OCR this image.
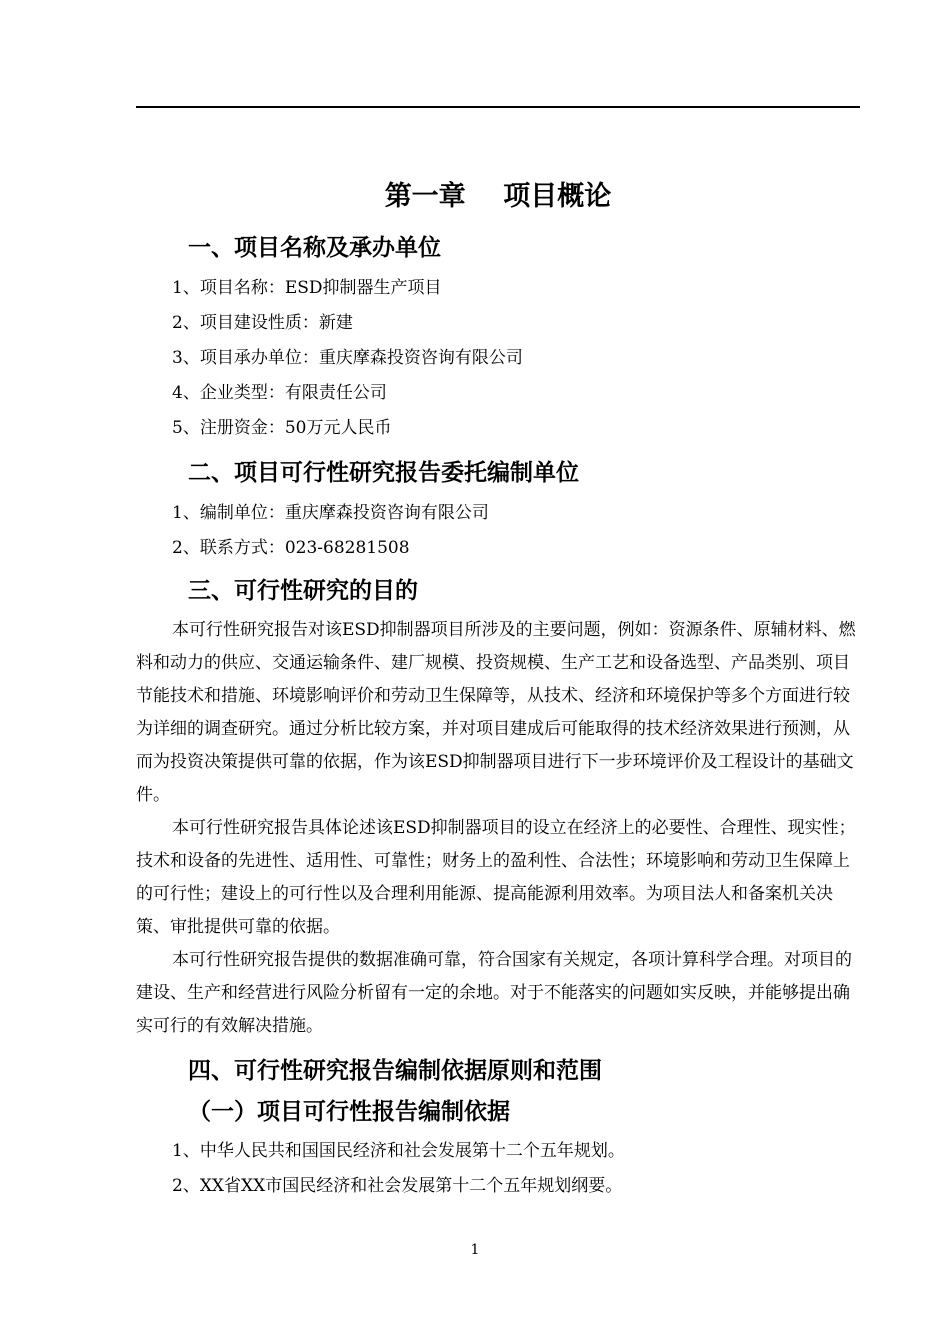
第一章    项目概论
一、项目名称及承办单位
1、项目名称：ESD抑制器生产项目
2、项目建设性质：新建
3、项目承办单位：重庆摩森投资咨询有限公司
4、企业类型：有限责任公司
5、注册资金：50万元人民币
二、项目可行性研究报告委托编制单位
1、编制单位：重庆摩森投资咨询有限公司
2、联系方式：023-68281508
三、可行性研究的目的

本可行性研究报告对该ESD抑制器项目所涉及的主要问题，例如：资源条件、原辅材料、燃料和动力的供应、交通运输条件、建厂规模、投资规模、生产工艺和设备选型、产品类别、项目节能技术和措施、环境影响评价和劳动卫生保障等，从技术、经济和环境保护等多个方面进行较为详细的调查研究。通过分析比较方案，并对项目建成后可能取得的技术经济效果进行预测，从而为投资决策提供可靠的依据，作为该ESD抑制器项目进行下一步环境评价及工程设计的基础文件。

本可行性研究报告具体论述该ESD抑制器项目的设立在经济上的必要性、合理性、现实性；技术和设备的先进性、适用性、可靠性；财务上的盈利性、合法性；环境影响和劳动卫生保障上的可行性；建设上的可行性以及合理利用能源、提高能源利用效率。为项目法人和备案机关决策、审批提供可靠的依据。

本可行性研究报告提供的数据准确可靠，符合国家有关规定，各项计算科学合理。对项目的建设、生产和经营进行风险分析留有一定的余地。对于不能落实的问题如实反映，并能够提出确实可行的有效解决措施。

四、可行性研究报告编制依据原则和范围
（一）项目可行性报告编制依据
1、中华人民共和国国民经济和社会发展第十二个五年规划。
2、XX省XX市国民经济和社会发展第十二个五年规划纲要。
1
